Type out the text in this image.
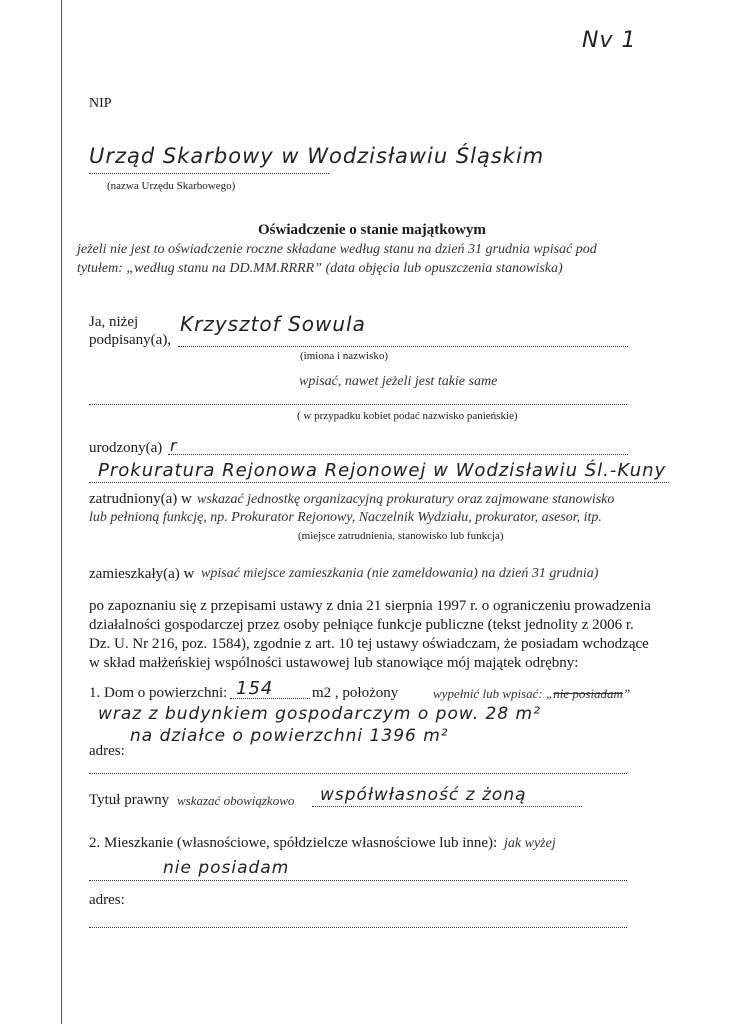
Nv 1
NIP
Urząd Skarbowy w Wodzisławiu Śląskim
(nazwa Urzędu Skarbowego)
Oświadczenie o stanie majątkowym
jeżeli nie jest to oświadczenie roczne składane według stanu na dzień 31 grudnia wpisać pod
tytułem: „według stanu na DD.MM.RRRR” (data objęcia lub opuszczenia stanowiska)
Ja, niżej
podpisany(a),
Krzysztof Sowula
(imiona i nazwisko)
wpisać, nawet jeżeli jest takie same
( w przypadku kobiet podać nazwisko panieńskie)
urodzony(a) r
Prokuratura Rejonowa Rejonowej w Wodzisławiu Śl.-Kuny
zatrudniony(a) w wskazać jednostkę organizacyjną prokuratury oraz zajmowane stanowisko
lub pełnioną funkcję, np. Prokurator Rejonowy, Naczelnik Wydziału, prokurator, asesor, itp.
(miejsce zatrudnienia, stanowisko lub funkcja)
zamieszkały(a) w wpisać miejsce zamieszkania (nie zameldowania) na dzień 31 grudnia)
po zapoznaniu się z przepisami ustawy z dnia 21 sierpnia 1997 r. o ograniczeniu prowadzenia
działalności gospodarczej przez osoby pełniące funkcje publiczne (tekst jednolity z 2006 r.
Dz. U. Nr 216, poz. 1584), zgodnie z art. 10 tej ustawy oświadczam, że posiadam wchodzące
w skład małżeńskiej wspólności ustawowej lub stanowiące mój majątek odrębny:
1. Dom o powierzchni: 154	m2 , położony	wypełnić lub wpisać: „nie posiadam”
wraz z budynkiem gospodarczym o pow. 28 m²
na działce o powierzchni 1396 m²
adres:
Tytuł prawny wskazać obowiązkowo współwłasność z żoną
2. Mieszkanie (własnościowe, spółdzielcze własnościowe lub inne): jak wyżej
nie posiadam
adres:
